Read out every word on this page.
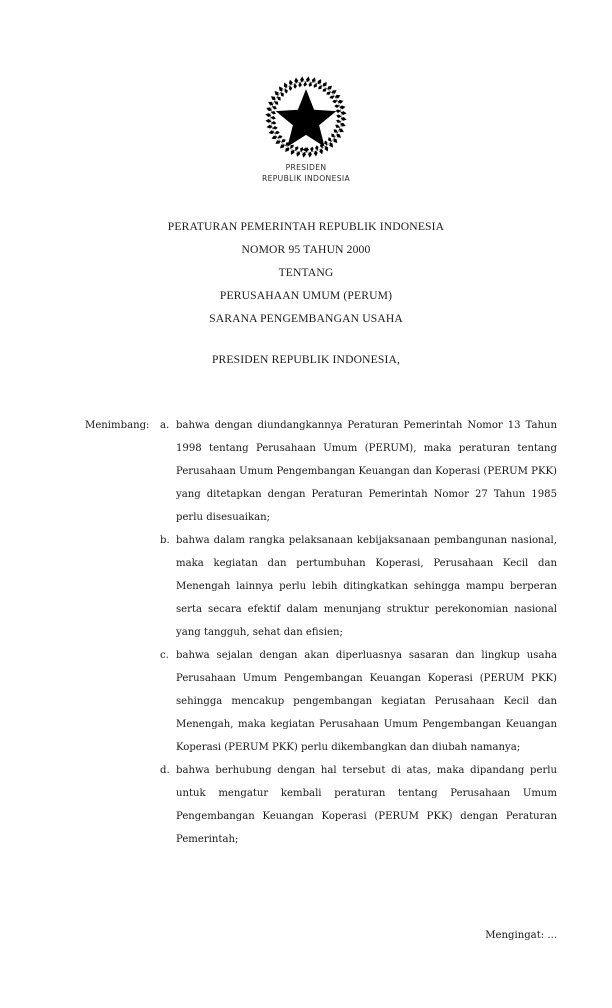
PRESIDEN
REPUBLIK INDONESIA
PERATURAN PEMERINTAH REPUBLIK INDONESIA
NOMOR 95 TAHUN 2000
TENTANG
PERUSAHAAN UMUM (PERUM)
SARANA PENGEMBANGAN USAHA
PRESIDEN REPUBLIK INDONESIA,
Menimbang:	a. bahwa dengan diundangkannya Peraturan Pemerintah Nomor 13 Tahun 1998 tentang Perusahaan Umum (PERUM), maka peraturan tentang Perusahaan Umum Pengembangan Keuangan dan Koperasi (PERUM PKK) yang ditetapkan dengan Peraturan Pemerintah Nomor 27 Tahun 1985 perlu disesuaikan;
b. bahwa dalam rangka pelaksanaan kebijaksanaan pembangunan nasional, maka kegiatan dan pertumbuhan Koperasi, Perusahaan Kecil dan Menengah lainnya perlu lebih ditingkatkan sehingga mampu berperan serta secara efektif dalam menunjang struktur perekonomian nasional yang tangguh, sehat dan efisien;
c. bahwa sejalan dengan akan diperluasnya sasaran dan lingkup usaha Perusahaan Umum Pengembangan Keuangan Koperasi (PERUM PKK) sehingga mencakup pengembangan kegiatan Perusahaan Kecil dan Menengah, maka kegiatan Perusahaan Umum Pengembangan Keuangan Koperasi (PERUM PKK) perlu dikembangkan dan diubah namanya;
d. bahwa berhubung dengan hal tersebut di atas, maka dipandang perlu untuk mengatur kembali peraturan tentang Perusahaan Umum Pengembangan Keuangan Koperasi (PERUM PKK) dengan Peraturan Pemerintah;
Mengingat: ...
